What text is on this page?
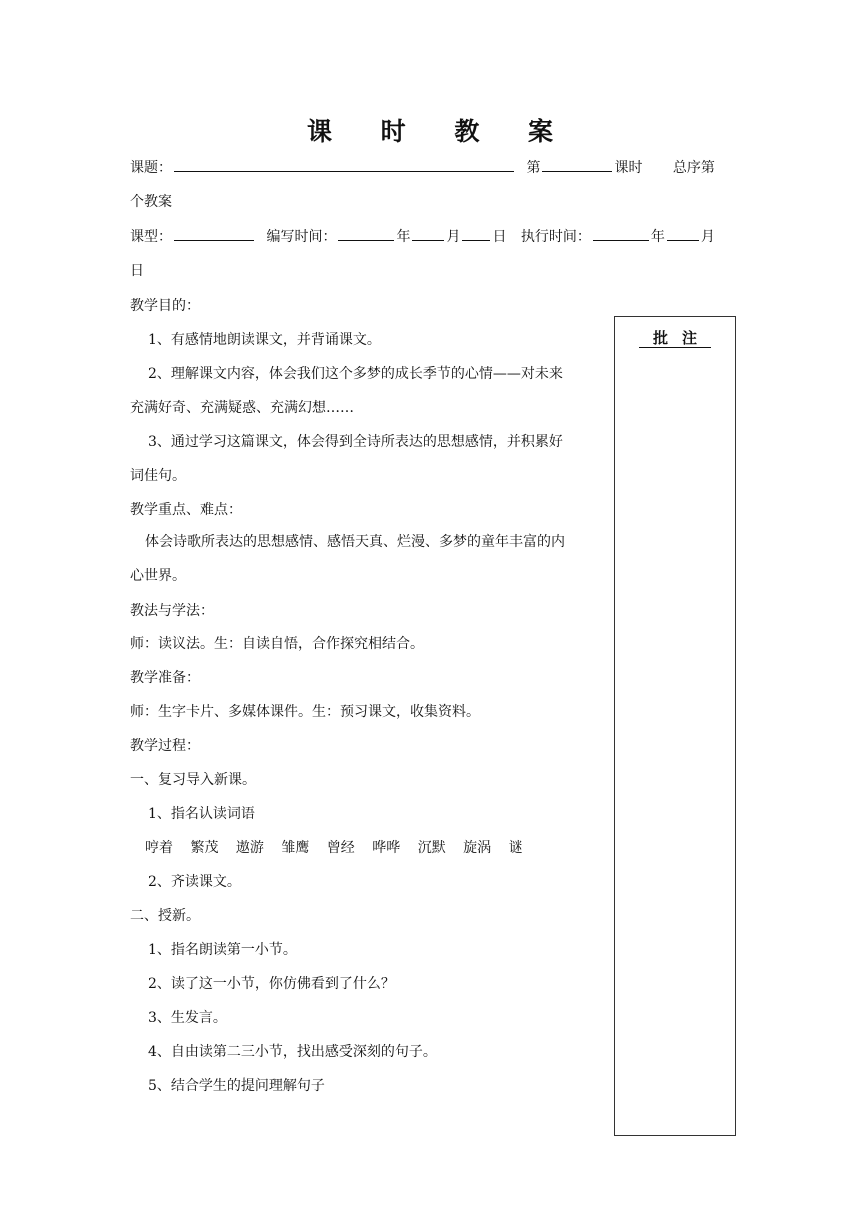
课 时 教 案
课题：	第	课时 总序第
个教案
课型：	编写时间：	年	月 日 执行时间：	年	月
日
批注
教学目的：
1、有感情地朗读课文，并背诵课文。
2、理解课文内容，体会我们这个多梦的成长季节的心情——对未来
充满好奇、充满疑惑、充满幻想……
3、通过学习这篇课文，体会得到全诗所表达的思想感情，并积累好
词佳句。
教学重点、难点：
体会诗歌所表达的思想感情、感悟天真、烂漫、多梦的童年丰富的内
心世界。
教法与学法：
师：读议法。生：自读自悟，合作探究相结合。
教学准备：
师：生字卡片、多媒体课件。生：预习课文，收集资料。
教学过程：
一、复习导入新课。
1、指名认读词语
哼着 繁茂 遨游 雏鹰 曾经 哗哗 沉默 旋涡 谜
2、齐读课文。
二、授新。
1、指名朗读第一小节。
2、读了这一小节，你仿佛看到了什么？
3、生发言。
4、自由读第二三小节，找出感受深刻的句子。
5、结合学生的提问理解句子
